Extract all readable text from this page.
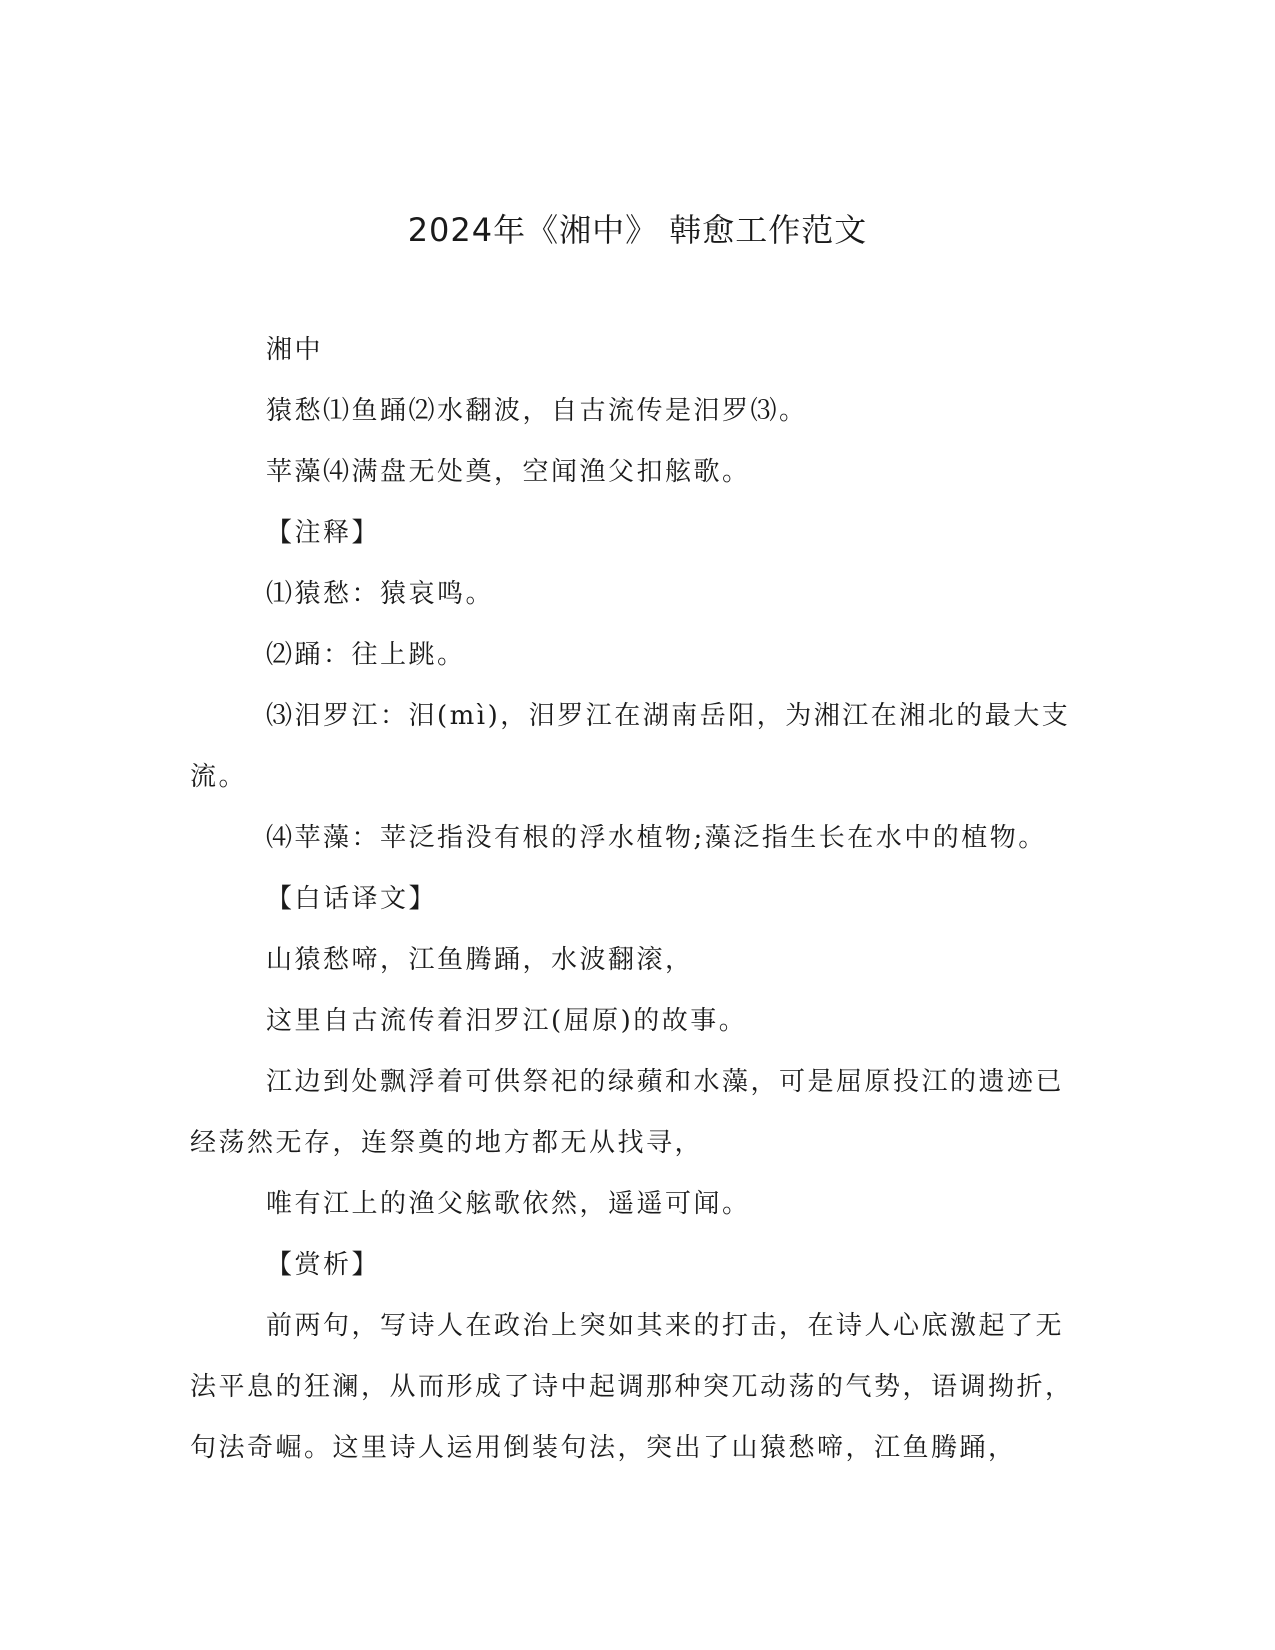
2024年《湘中》 韩愈工作范文

湘中

猿愁⑴鱼踊⑵水翻波，自古流传是汨罗⑶。

苹藻⑷满盘无处奠，空闻渔父扣舷歌。

【注释】

⑴猿愁：猿哀鸣。

⑵踊：往上跳。

⑶汨罗江：汨(mì)，汨罗江在湖南岳阳，为湘江在湘北的最大支流。

⑷苹藻：苹泛指没有根的浮水植物;藻泛指生长在水中的植物。

【白话译文】

山猿愁啼，江鱼腾踊，水波翻滚，

这里自古流传着汨罗江(屈原)的故事。

江边到处飘浮着可供祭祀的绿蘋和水藻，可是屈原投江的遗迹已经荡然无存，连祭奠的地方都无从找寻，

唯有江上的渔父舷歌依然，遥遥可闻。

【赏析】

前两句，写诗人在政治上突如其来的打击，在诗人心底激起了无法平息的狂澜，从而形成了诗中起调那种突兀动荡的气势，语调拗折，句法奇崛。这里诗人运用倒装句法，突出了山猿愁啼，江鱼腾踊，
